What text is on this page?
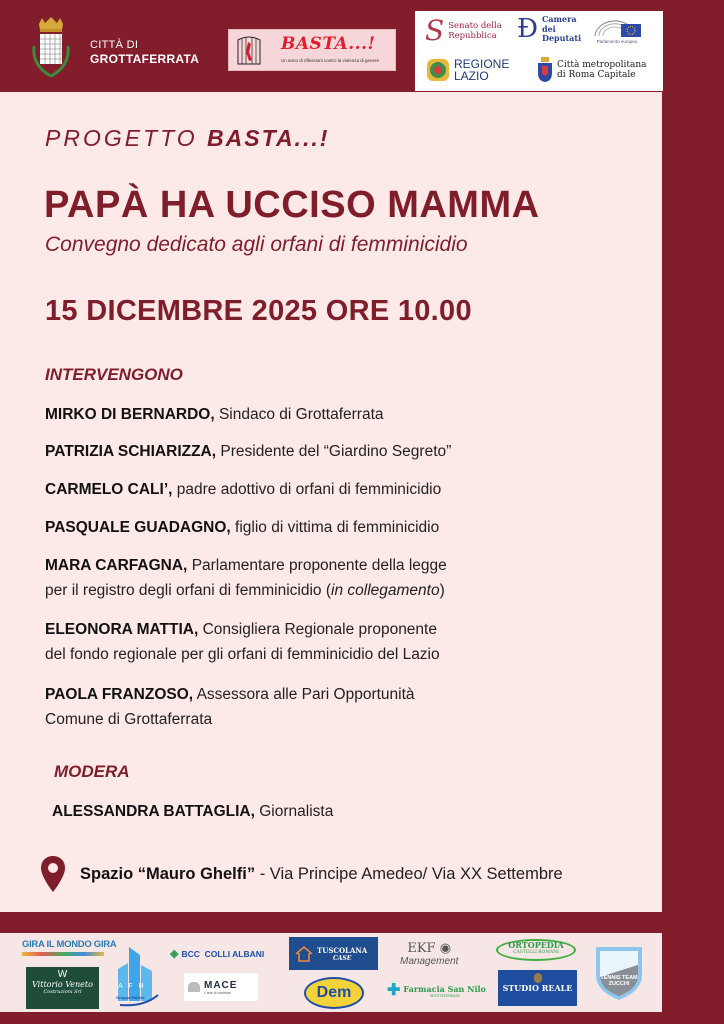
CITTÀ DI
GROTTAFERRATA
BASTA...!
Un anno di riflessioni contro la violenza di genere
S Senato della
Repubblica Ð Camera
dei
Deputati	Parlamento europeo
REGIONE
LAZIO
Città metropolitana
di Roma Capitale
PROGETTO BASTA...!
PAPÀ HA UCCISO MAMMA
Convegno dedicato agli orfani di femminicidio
15 DICEMBRE 2025 ORE 10.00
INTERVENGONO
MIRKO DI BERNARDO, Sindaco di Grottaferrata
PATRIZIA SCHIARIZZA, Presidente del “Giardino Segreto”
CARMELO CALI’, padre adottivo di orfani di femminicidio
PASQUALE GUADAGNO, figlio di vittima di femminicidio
MARA CARFAGNA, Parlamentare proponente della legge
per il registro degli orfani di femminicidio (in collegamento)
ELEONORA MATTIA, Consigliera Regionale proponente
del fondo regionale per gli orfani di femminicidio del Lazio
PAOLA FRANZOSO, Assessora alle Pari Opportunità
Comune di Grottaferrata
MODERA
ALESSANDRA BATTAGLIA, Giornalista
Spazio “Mauro Ghelfi” - Via Principe Amedeo/ Via XX Settembre
GIRA IL MONDO GIRA
W
Vittorio Veneto
Costruzioni Srl
A F H
Gruppo Fabrizi
◈ BCC  COLLI ALBANI
MACE
L'arte di costruire
TUSCOLANA
CASE
Dem
EKF ◉
Management
✚ Farmacia San Nilo
GROTTAFERRATA
ORTOPEDIA
CASTELLI ROMANI
STUDIO REALE
TENNIS TEAM
ZUCCHI
